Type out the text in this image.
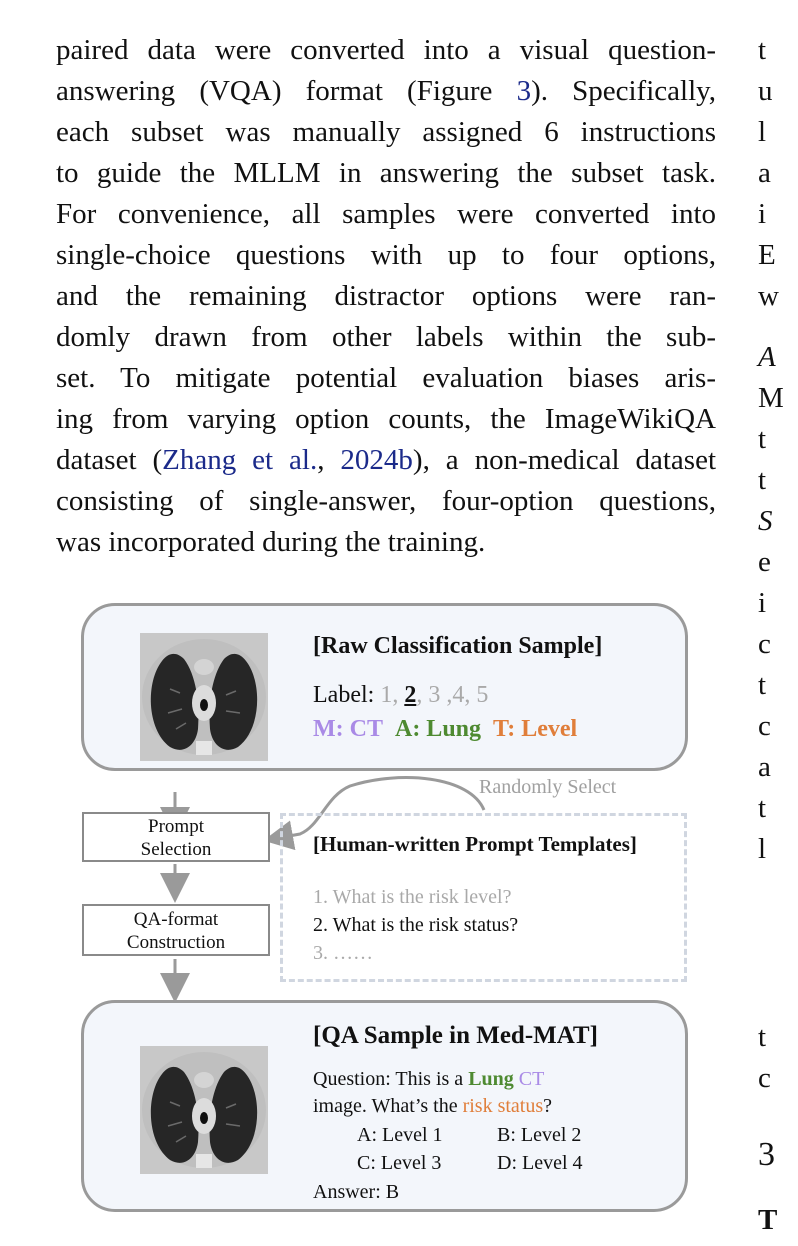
paired data were converted into a visual question-
answering (VQA) format (Figure 3). Specifically,
each subset was manually assigned 6 instructions
to guide the MLLM in answering the subset task.
For convenience, all samples were converted into
single-choice questions with up to four options,
and the remaining distractor options were ran-
domly drawn from other labels within the sub-
set. To mitigate potential evaluation biases aris-
ing from varying option counts, the ImageWikiQA
dataset (Zhang et al., 2024b), a non-medical dataset
consisting of single-answer, four-option questions,
was incorporated during the training.
t
u
l
a
i
E
w
A
M
t
t
S
e
i
c
t
c
a
t
l
t
c
3
T
[Raw Classification Sample]
Label: 1, 2, 3 ,4, 5
M: CT A: Lung T: Level
Prompt
Selection
QA-format
Construction
Randomly Select
[Human-written Prompt Templates]
1. What is the risk level?
2. What is the risk status?
3. ……
[QA Sample in Med-MAT]
Question: This is a Lung CT
image. What’s the risk status?
A: Level 1	B: Level 2
C: Level 3	D: Level 4
Answer: B
